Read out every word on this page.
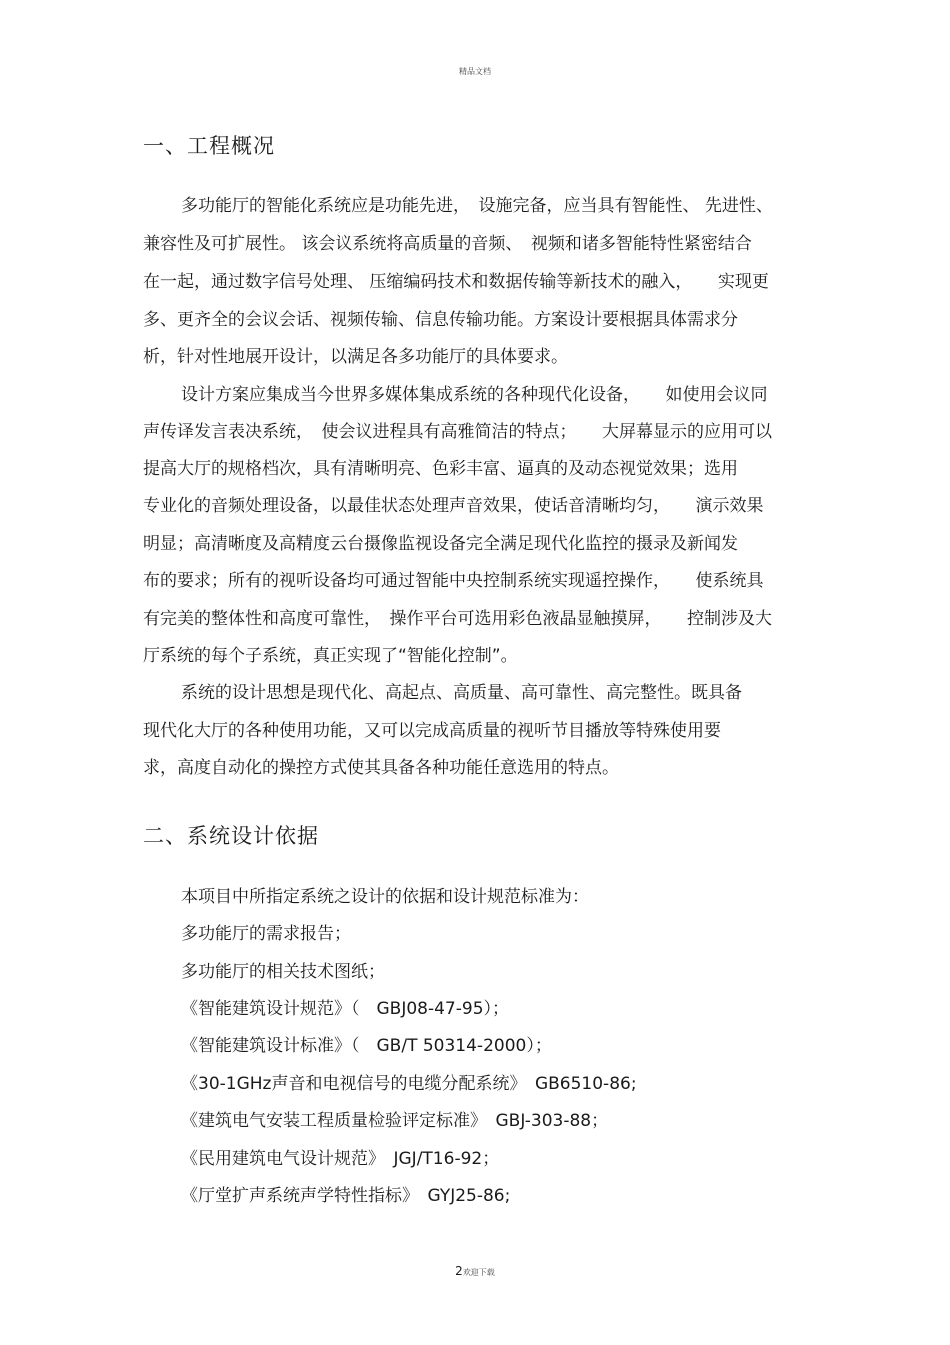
精品文档
一、工程概况

多功能厅的智能化系统应是功能先进，　设施完备，应当具有智能性、 先进性、

兼容性及可扩展性。 该会议系统将高质量的音频、　视频和诸多智能特性紧密结合

在一起，通过数字信号处理、 压缩编码技术和数据传输等新技术的融入，　　实现更

多、更齐全的会议会话、视频传输、信息传输功能。方案设计要根据具体需求分

析，针对性地展开设计，以满足各多功能厅的具体要求。

设计方案应集成当今世界多媒体集成系统的各种现代化设备，　　如使用会议同

声传译发言表决系统，　使会议进程具有高雅简洁的特点；　　大屏幕显示的应用可以

提高大厅的规格档次，具有清晰明亮、色彩丰富、逼真的及动态视觉效果；选用

专业化的音频处理设备，以最佳状态处理声音效果，使话音清晰均匀，　　演示效果

明显；高清晰度及高精度云台摄像监视设备完全满足现代化监控的摄录及新闻发

布的要求；所有的视听设备均可通过智能中央控制系统实现遥控操作，　　使系统具

有完美的整体性和高度可靠性，　操作平台可选用彩色液晶显触摸屏，　　控制涉及大

厅系统的每个子系统，真正实现了“智能化控制”。

系统的设计思想是现代化、高起点、高质量、高可靠性、高完整性。既具备

现代化大厅的各种使用功能，又可以完成高质量的视听节目播放等特殊使用要

求，高度自动化的操控方式使其具备各种功能任意选用的特点。

二、系统设计依据

本项目中所指定系统之设计的依据和设计规范标准为：

多功能厅的需求报告；

多功能厅的相关技术图纸；

《智能建筑设计规范》（　GBJ08-47-95）；

《智能建筑设计标准》（　GB/T 50314-2000）；

《30-1GHz声音和电视信号的电缆分配系统》　GB6510-86;

《建筑电气安装工程质量检验评定标准》　GBJ-303-88；

《民用建筑电气设计规范》　JGJ/T16-92；

《厅堂扩声系统声学特性指标》　GYJ25-86;

2欢迎下载
